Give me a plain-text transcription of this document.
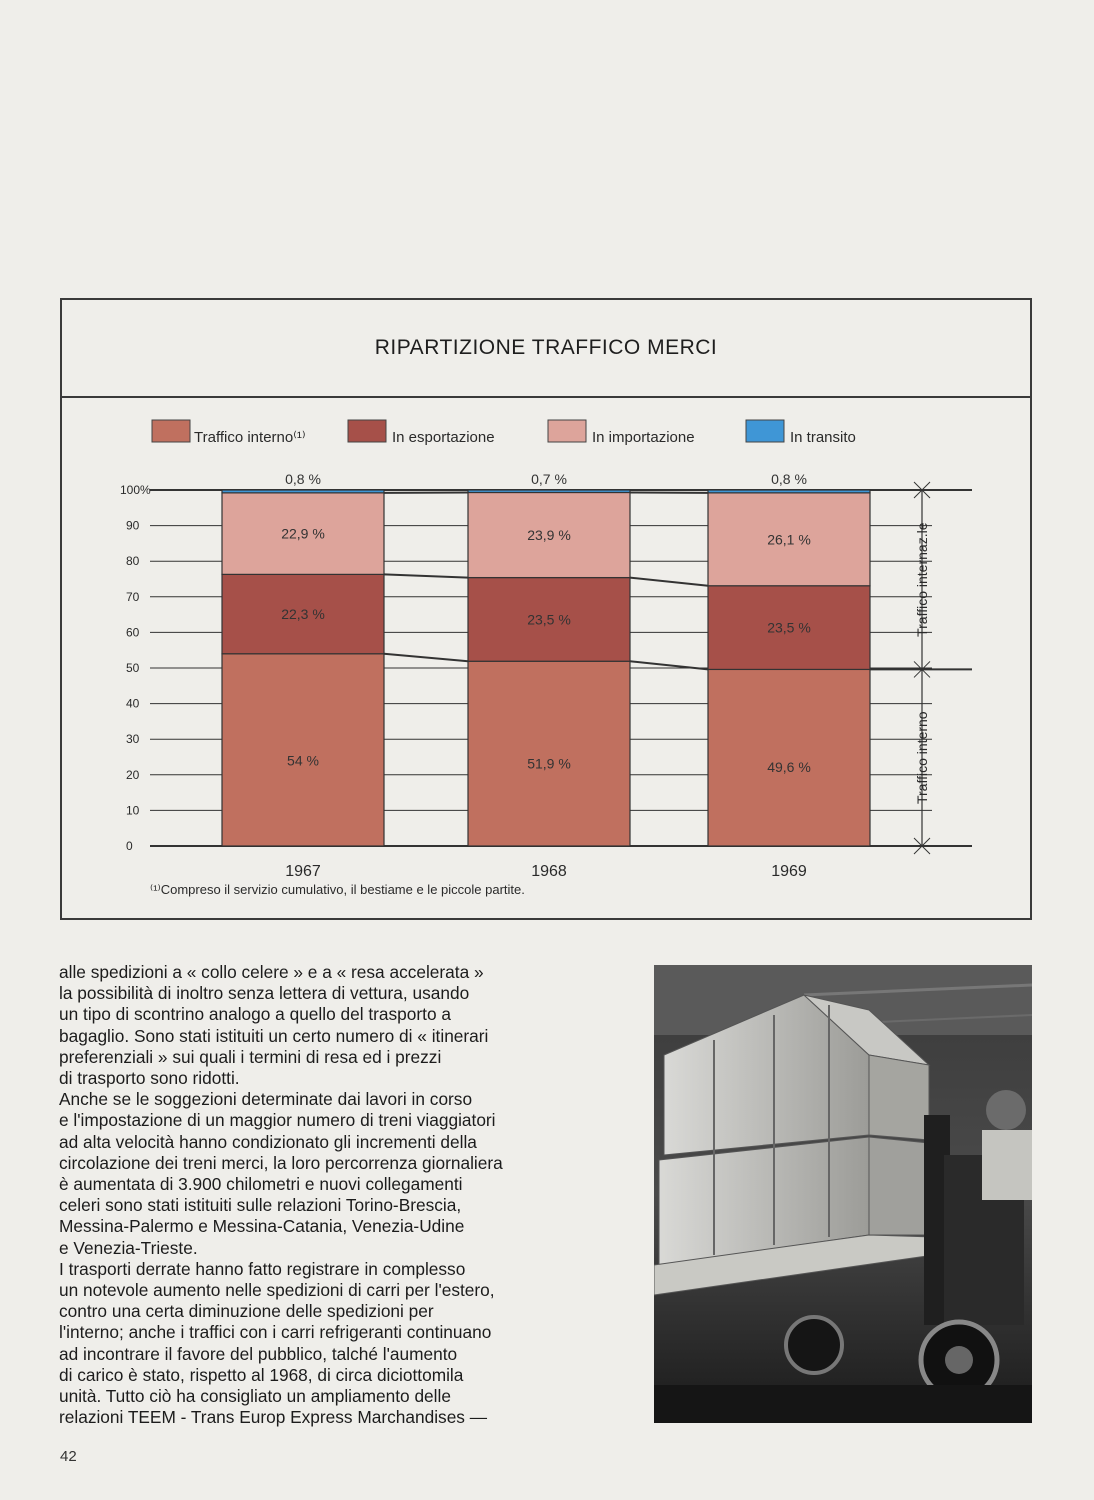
RIPARTIZIONE TRAFFICO MERCI
Traffico interno⁽¹⁾	In esportazione	In importazione	In transito
0
10
20
30
40
50
60
70
80
90
100%
54 %
22,3 %
22,9 %
0,8 %
1967
51,9 %
23,5 %
23,9 %
0,7 %
1968
49,6 %
23,5 %
26,1 %
0,8 %
1969
Traffico interno
Traffico internaz.le
⁽¹⁾Compreso il servizio cumulativo, il bestiame e le piccole partite.

alle spedizioni a « collo celere » e a « resa accelerata »

la possibilità di inoltro senza lettera di vettura, usando

un tipo di scontrino analogo a quello del trasporto a

bagaglio. Sono stati istituiti un certo numero di « itinerari

preferenziali » sui quali i termini di resa ed i prezzi

di trasporto sono ridotti.

Anche se le soggezioni determinate dai lavori in corso

e l'impostazione di un maggior numero di treni viaggiatori

ad alta velocità hanno condizionato gli incrementi della

circolazione dei treni merci, la loro percorrenza giornaliera

è aumentata di 3.900 chilometri e nuovi collegamenti

celeri sono stati istituiti sulle relazioni Torino-Brescia,

Messina-Palermo e Messina-Catania, Venezia-Udine

e Venezia-Trieste.

I trasporti derrate hanno fatto registrare in complesso

un notevole aumento nelle spedizioni di carri per l'estero,

contro una certa diminuzione delle spedizioni per

l'interno; anche i traffici con i carri refrigeranti continuano

ad incontrare il favore del pubblico, talché l'aumento

di carico è stato, rispetto al 1968, di circa diciottomila

unità. Tutto ciò ha consigliato un ampliamento delle

relazioni TEEM - Trans Europ Express Marchandises —

42
